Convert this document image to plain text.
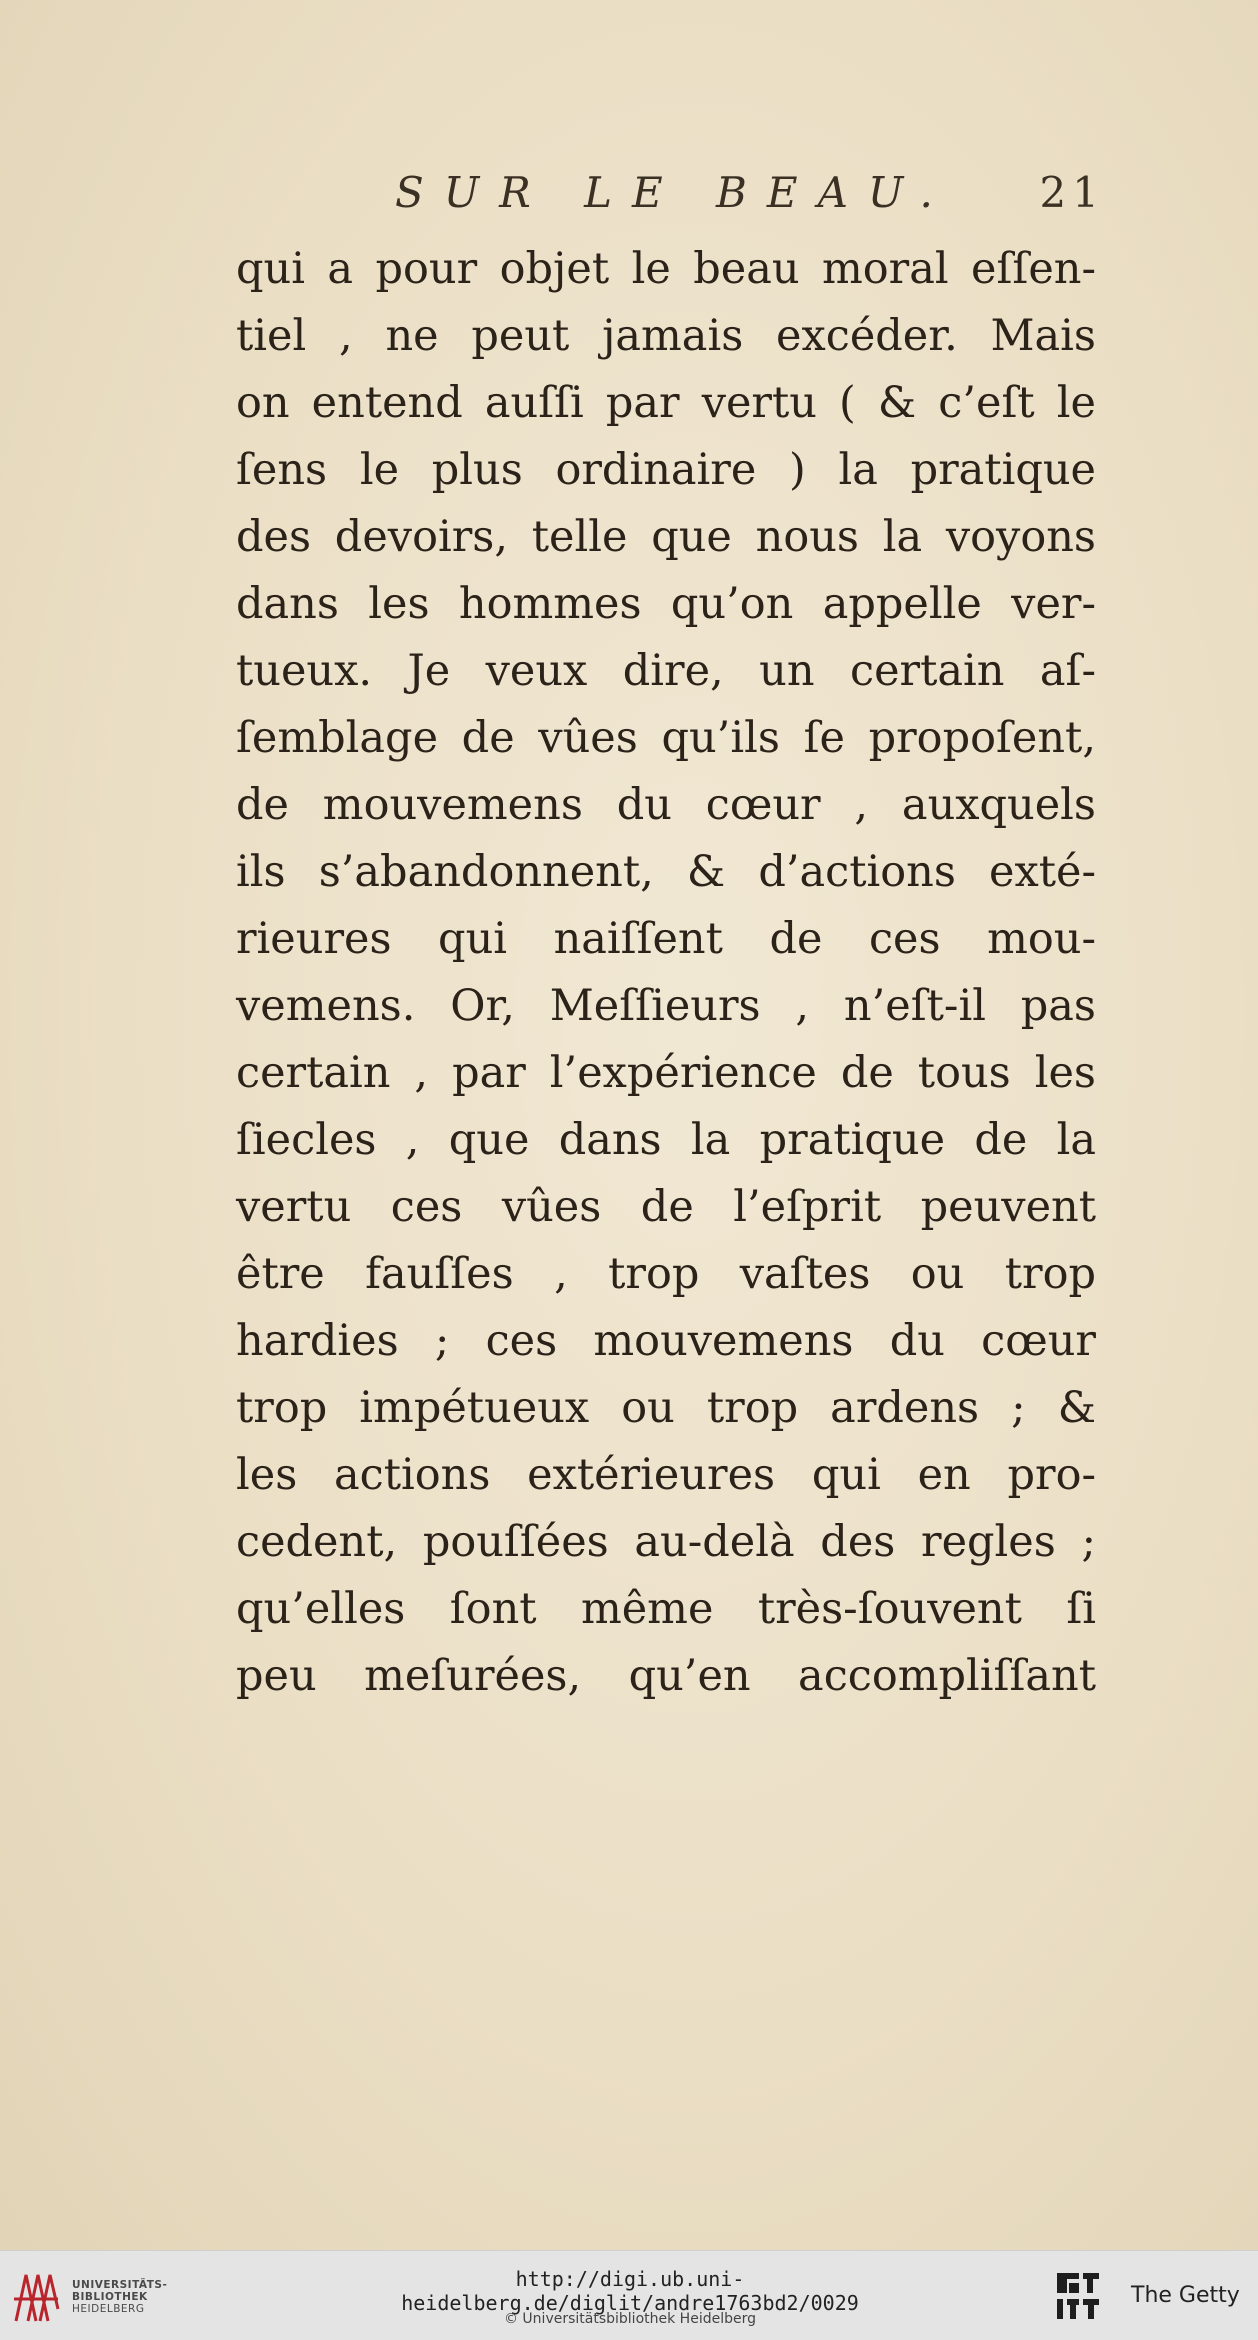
SUR LE BEAU. 21
qui a pour objet le beau moral eſſen-
tiel , ne peut jamais excéder. Mais
on entend auſſi par vertu ( & c’eſt le
ſens le plus ordinaire ) la pratique
des devoirs, telle que nous la voyons
dans les hommes qu’on appelle ver-
tueux. Je veux dire, un certain aſ-
ſemblage de vûes qu’ils ſe propoſent,
de mouvemens du cœur , auxquels
ils s’abandonnent, & d’actions exté-
rieures qui naiſſent de ces mou-
vemens. Or, Meſſieurs , n’eſt-il pas
certain , par l’expérience de tous les
ſiecles , que dans la pratique de la
vertu ces vûes de l’eſprit peuvent
être fauſſes , trop vaſtes ou trop
hardies ; ces mouvemens du cœur
trop impétueux ou trop ardens ; &
les actions extérieures qui en pro-
cedent, pouſſées au-delà des regles ;
qu’elles ſont même très-ſouvent ſi
peu meſurées, qu’en accompliſſant
UNIVERSITÄTS-
BIBLIOTHEK
HEIDELBERG
http://digi.ub.uni-heidelberg.de/diglit/andre1763bd2/0029
© Universitätsbibliothek Heidelberg
The Getty
